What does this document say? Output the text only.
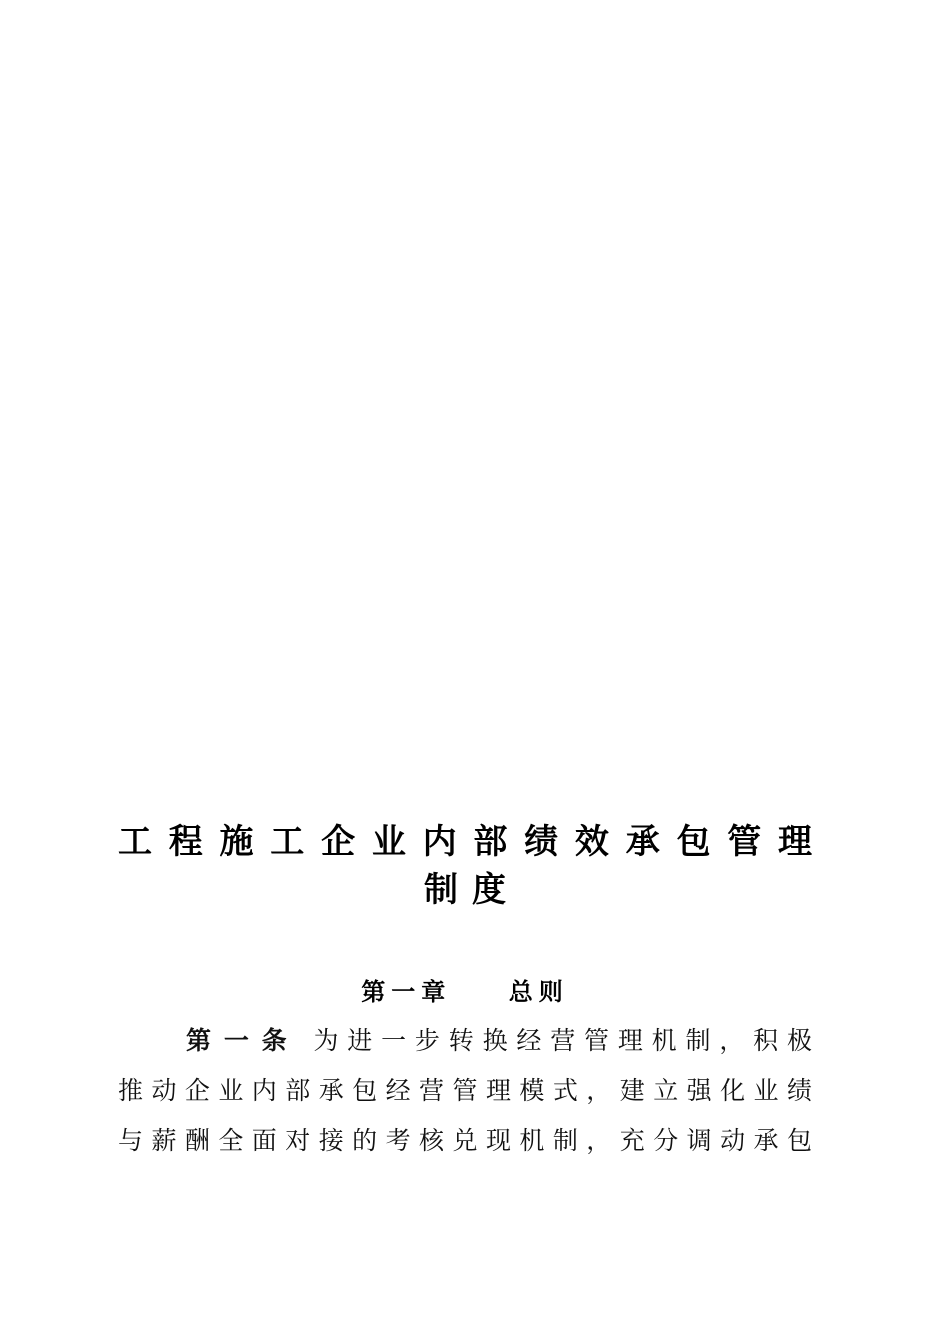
工程施工企业内部绩效承包管理
制度
第一章    总则
第一条 为进一步转换经营管理机制，积极
推动企业内部承包经营管理模式，建立强化业绩
与薪酬全面对接的考核兑现机制，充分调动承包
